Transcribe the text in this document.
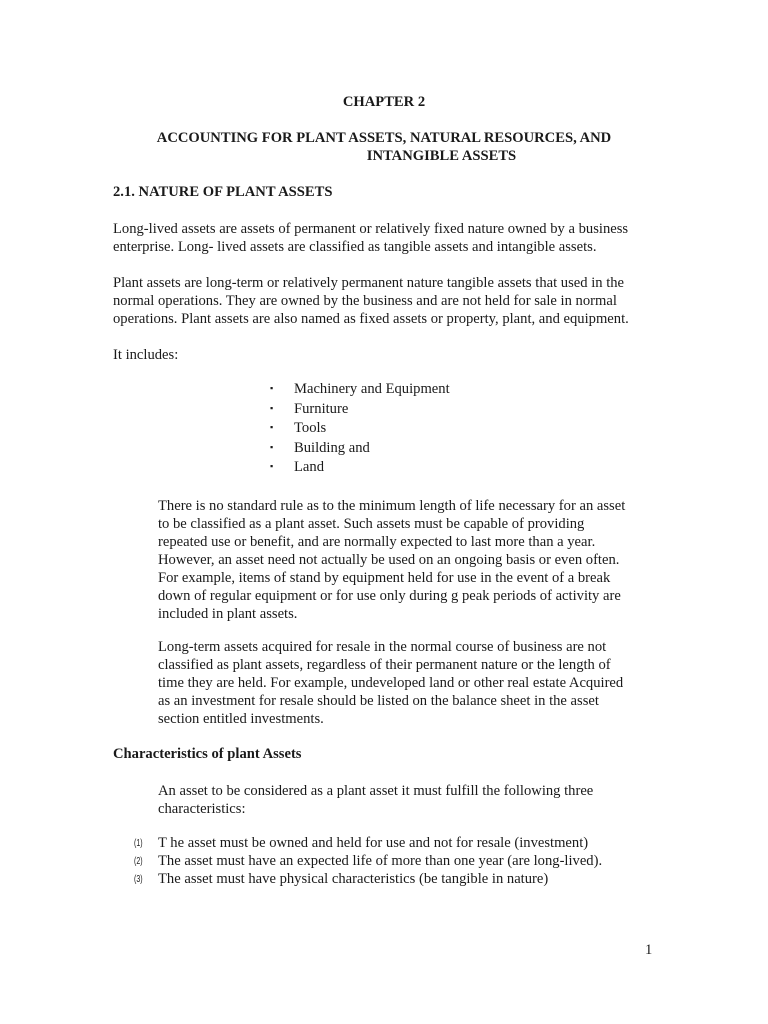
CHAPTER 2
ACCOUNTING FOR PLANT ASSETS, NATURAL RESOURCES, AND
INTANGIBLE ASSETS
2.1. NATURE OF PLANT ASSETS

Long-lived assets are assets of permanent or relatively fixed nature owned by a business
enterprise. Long- lived assets are classified as tangible assets and intangible assets.

Plant assets are long-term or relatively permanent nature tangible assets that used in the
normal operations. They are owned by the business and are not held for sale in normal
operations. Plant assets are also named as fixed assets or property, plant, and equipment.

It includes:

▪ Machinery and Equipment
▪ Furniture
▪ Tools
▪ Building and
▪ Land

There is no standard rule as to the minimum length of life necessary for an asset
to be classified as a plant asset. Such assets must be capable of providing
repeated use or benefit, and are normally expected to last more than a year.
However, an asset need not actually be used on an ongoing basis or even often.
For example, items of stand by equipment held for use in the event of a break
down of regular equipment or for use only during g peak periods of activity are
included in plant assets.

Long-term assets acquired for resale in the normal course of business are not
classified as plant assets, regardless of their permanent nature or the length of
time they are held. For example, undeveloped land or other real estate Acquired
as an investment for resale should be listed on the balance sheet in the asset
section entitled investments.

Characteristics of plant Assets

An asset to be considered as a plant asset it must fulfill the following three
characteristics:

(1) T he asset must be owned and held for use and not for resale (investment)
(2) The asset must have an expected life of more than one year (are long-lived).
(3) The asset must have physical characteristics (be tangible in nature)
1
